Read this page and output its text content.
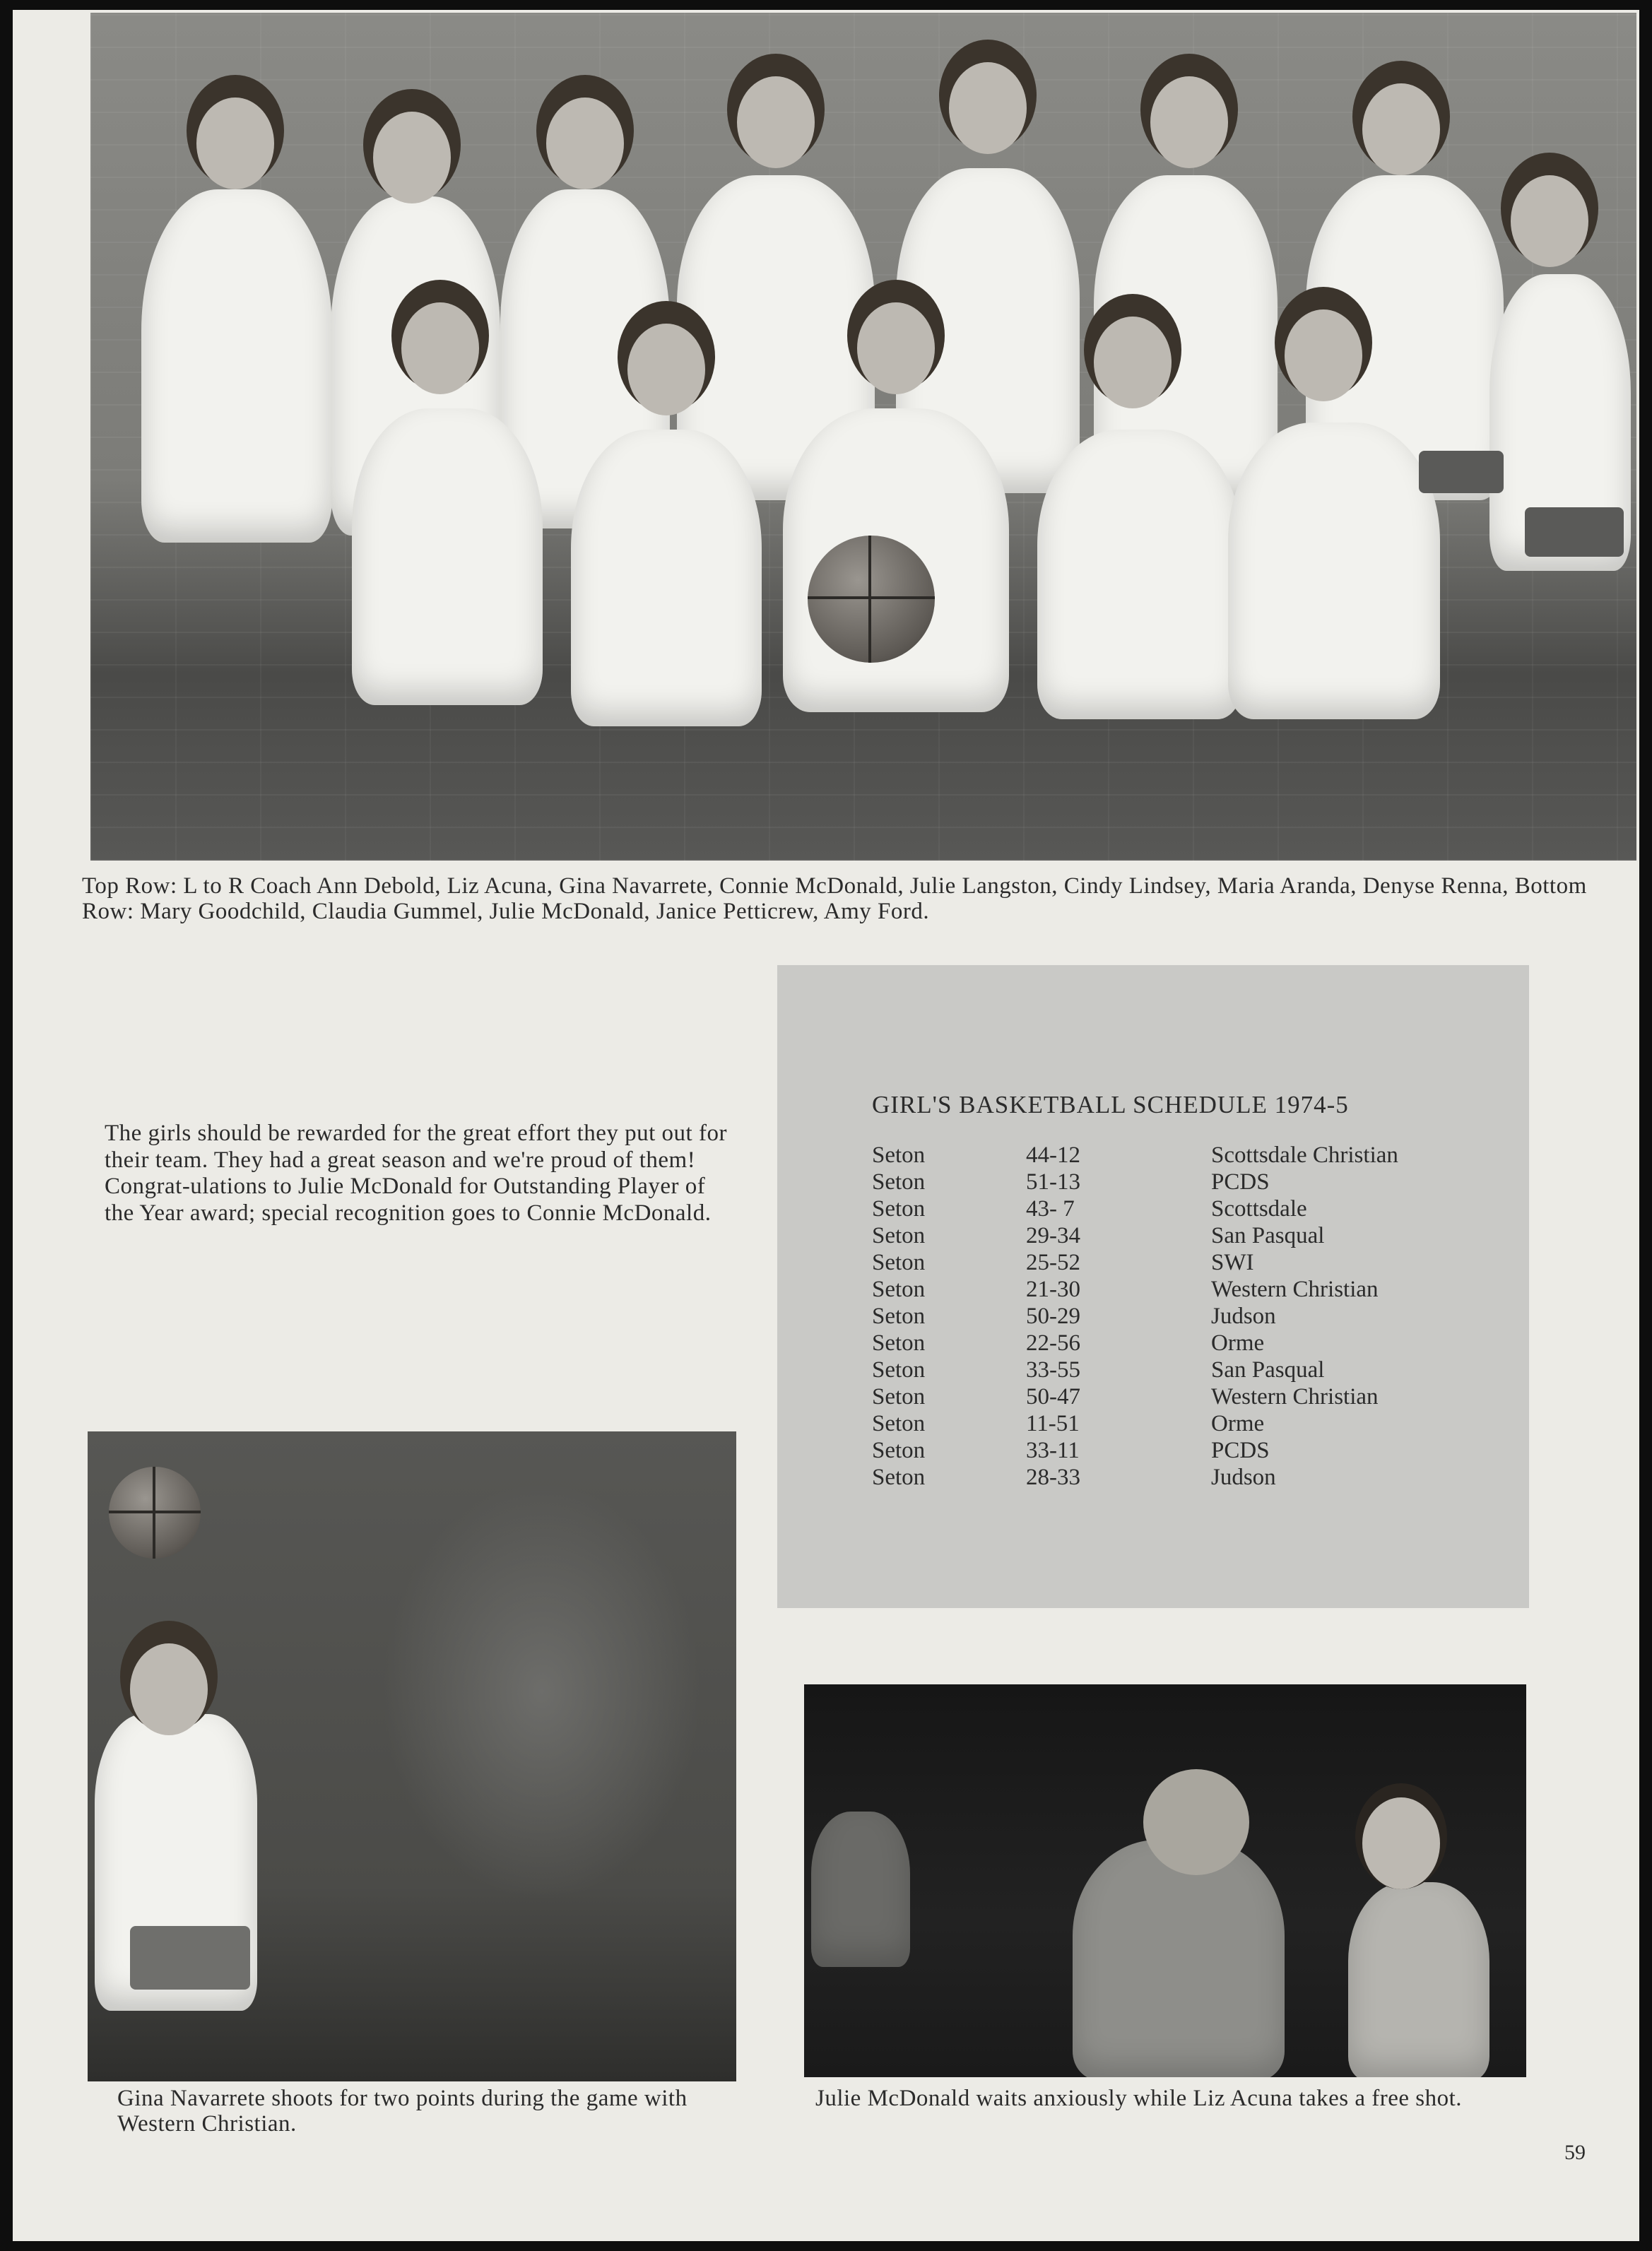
Top Row: L to R Coach Ann Debold, Liz Acuna, Gina Navarrete, Connie McDonald, Julie Langston, Cindy Lindsey, Maria Aranda, Denyse Renna, Bottom Row: Mary Goodchild, Claudia Gummel, Julie McDonald, Janice Petticrew, Amy Ford.
The girls should be rewarded for the great effort they put out for their team. They had a great season and we're proud of them! Congrat-ulations to Julie McDonald for Outstanding Player of the Year award; special recognition goes to Connie McDonald.
GIRL'S BASKETBALL SCHEDULE 1974-5
Seton	44-12	Scottsdale Christian
Seton	51-13	PCDS
Seton	43- 7	Scottsdale
Seton	29-34	San Pasqual
Seton	25-52	SWI
Seton	21-30	Western Christian
Seton	50-29	Judson
Seton	22-56	Orme
Seton	33-55	San Pasqual
Seton	50-47	Western Christian
Seton	11-51	Orme
Seton	33-11	PCDS
Seton	28-33	Judson
Gina Navarrete shoots for two points during the game with Western Christian.
Julie McDonald waits anxiously while Liz Acuna takes a free shot.
59
